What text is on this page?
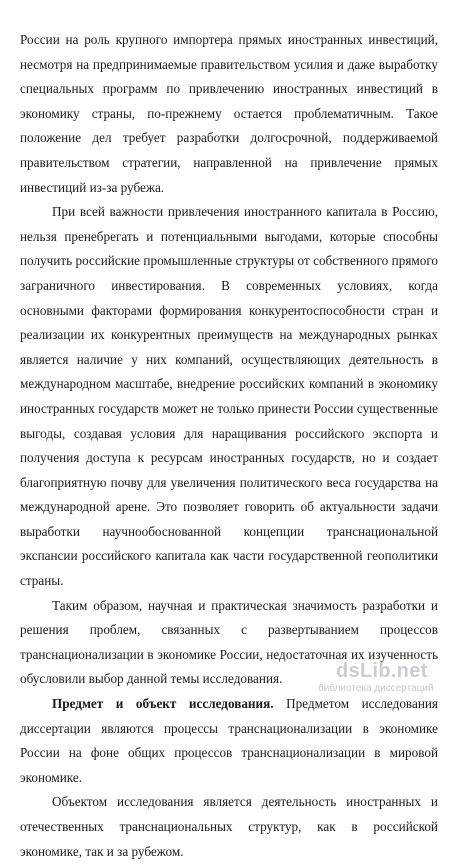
России на роль крупного импортера прямых иностранных инвестиций, несмотря на предпринимаемые правительством усилия и даже выработку специальных программ по привлечению иностранных инвестиций в экономику страны, по-прежнему остается проблематичным. Такое положение дел требует разработки долгосрочной, поддерживаемой правительством стратегии, направленной на привлечение прямых инвестиций из-за рубежа.

При всей важности привлечения иностранного капитала в Россию, нельзя пренебрегать и потенциальными выгодами, которые способны получить российские промышленные структуры от собственного прямого заграничного инвестирования. В современных условиях, когда основными факторами формирования конкурентоспособности стран и реализации их конкурентных преимуществ на международных рынках является наличие у них компаний, осуществляющих деятельность в международном масштабе, внедрение российских компаний в экономику иностранных государств может не только принести России существенные выгоды, создавая условия для наращивания российского экспорта и получения доступа к ресурсам иностранных государств, но и создает благоприятную почву для увеличения политического веса государства на международной арене. Это позволяет говорить об актуальности задачи выработки научнообоснованной концепции транснациональной экспансии российского капитала как части государственной геополитики страны.

Таким образом, научная и практическая значимость разработки и решения проблем, связанных с развертыванием процессов транснационализации в экономике России, недостаточная их изученность обусловили выбор данной темы исследования.

Предмет и объект исследования. Предметом исследования диссертации являются процессы транснационализации в экономике России на фоне общих процессов транснационализации в мировой экономике.

Объектом исследования является деятельность иностранных и отечественных транснациональных структур, как в российской экономике, так и за рубежом.

dsLib.net
библиотека диссертаций
